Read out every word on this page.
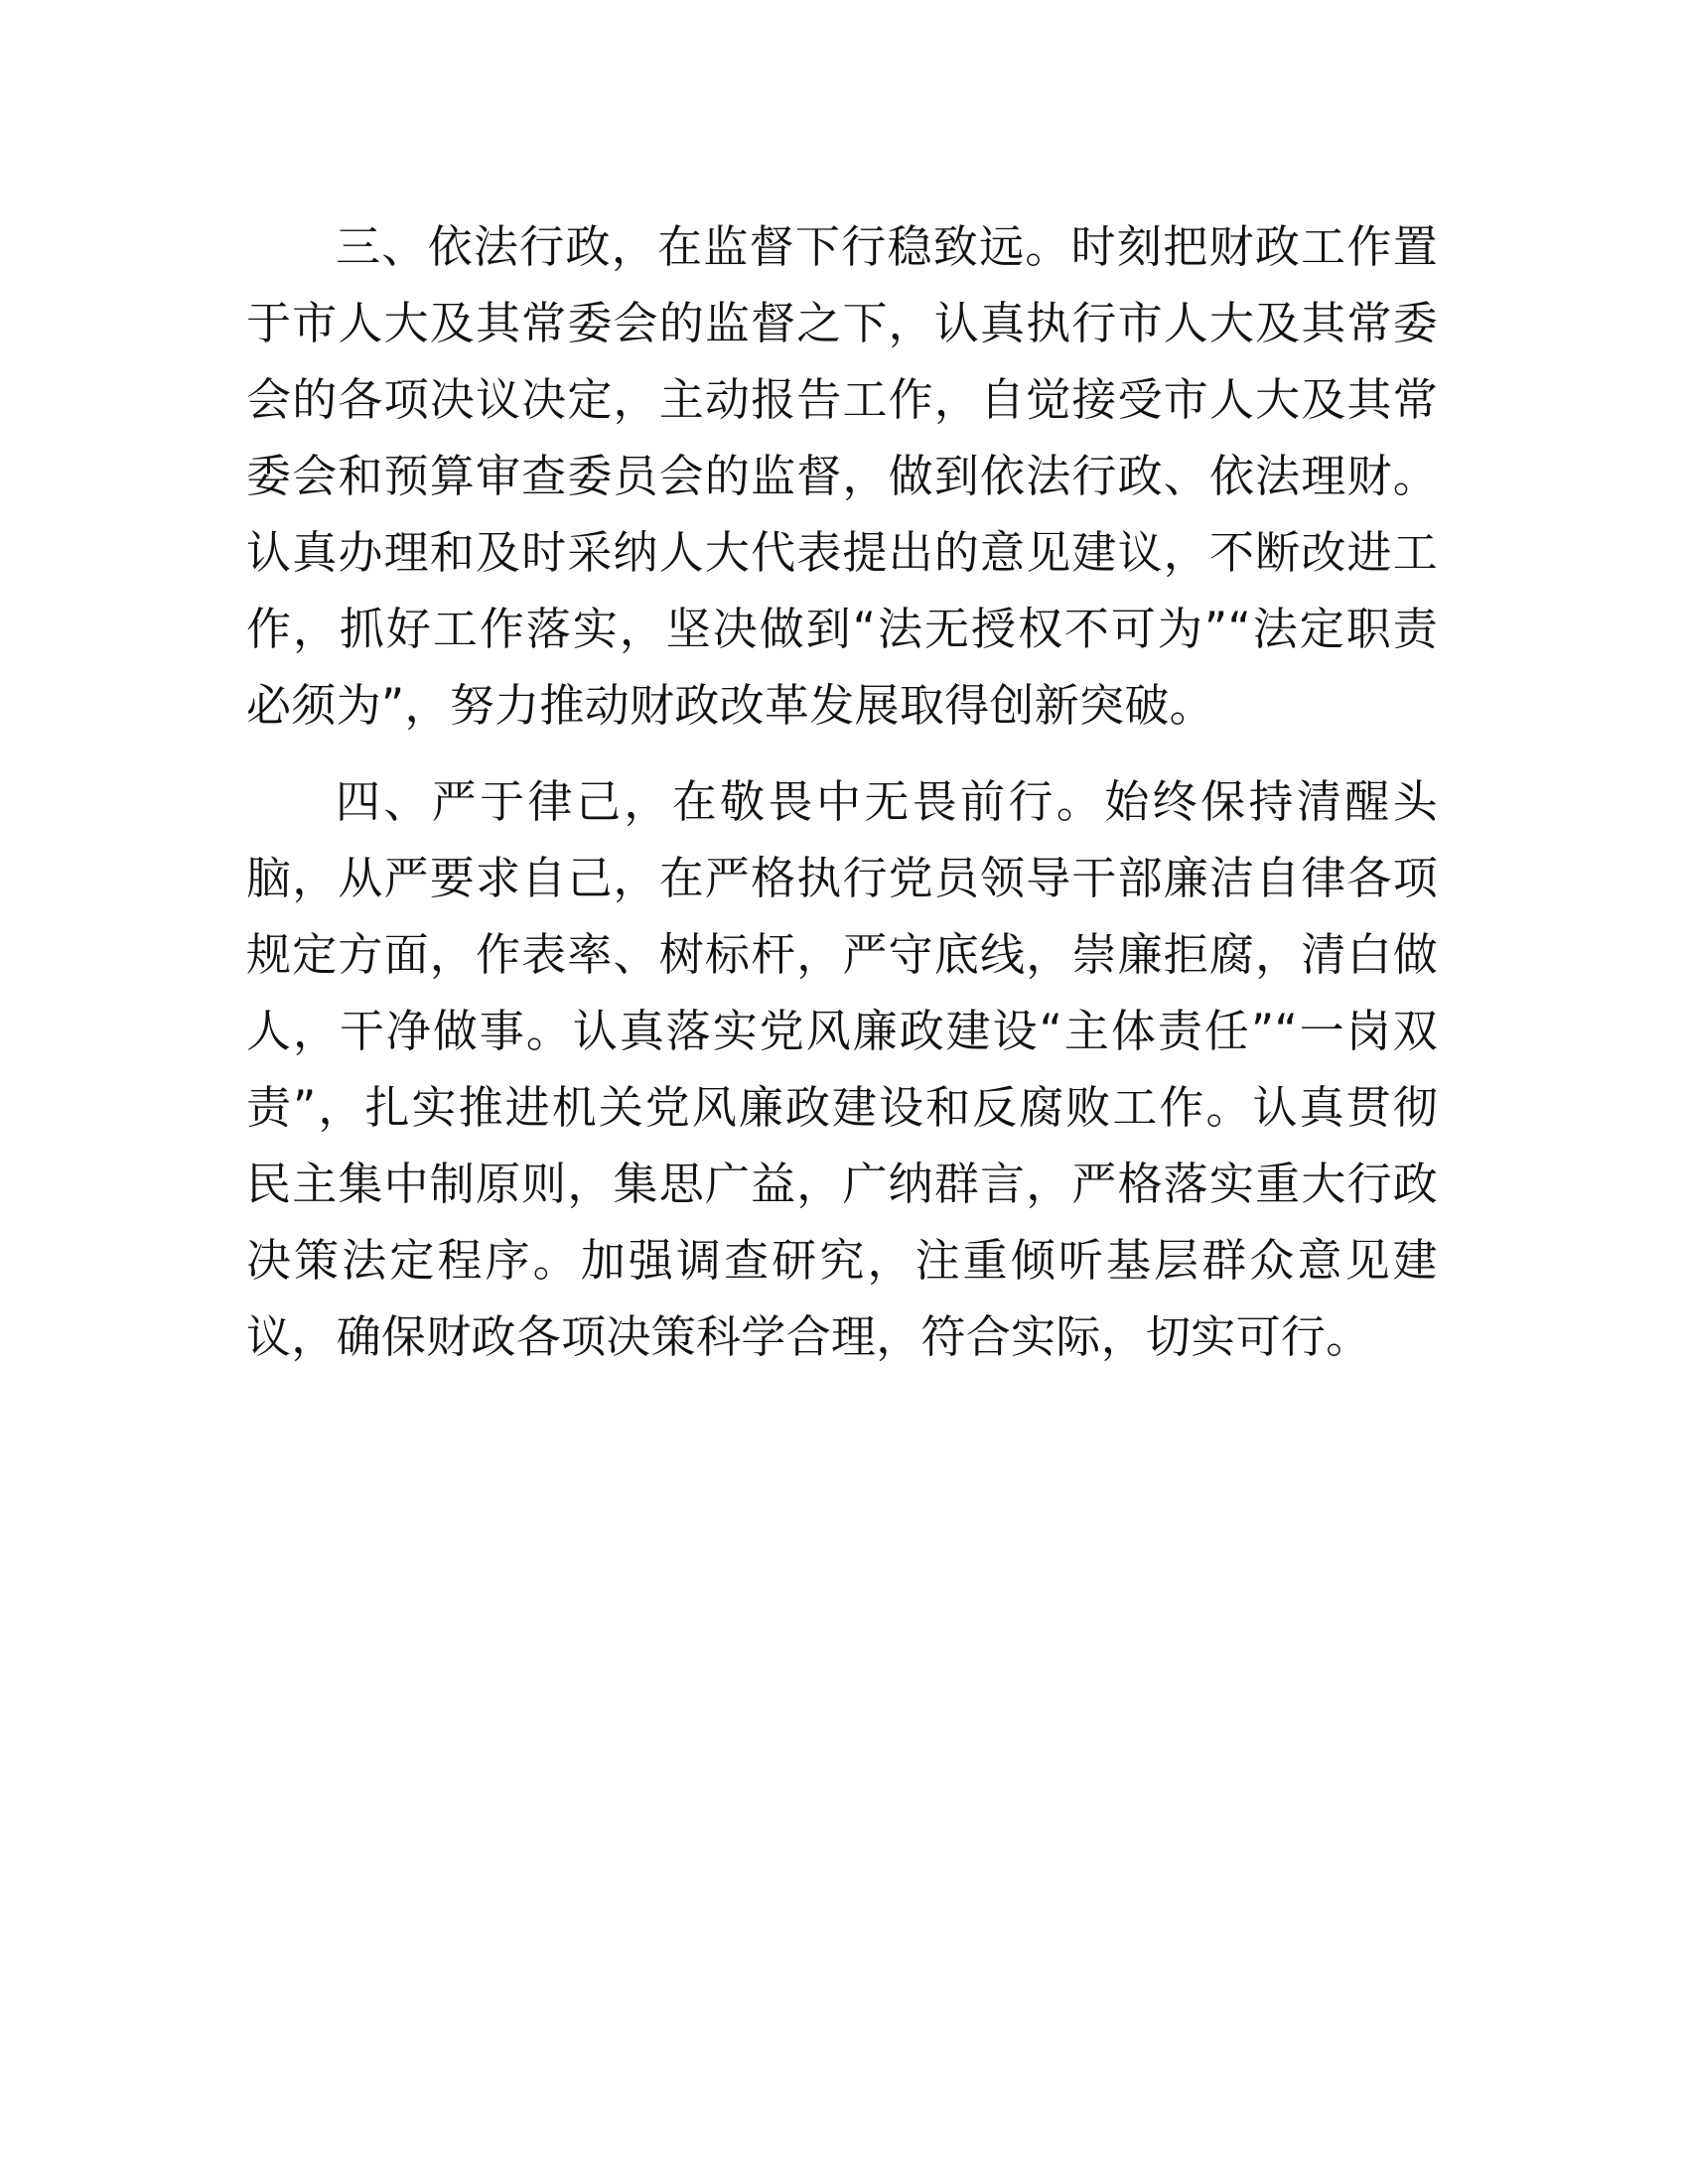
三、依法行政，在监督下行稳致远。时刻把财政工作置于市人大及其常委会的监督之下，认真执行市人大及其常委会的各项决议决定，主动报告工作，自觉接受市人大及其常委会和预算审查委员会的监督，做到依法行政、依法理财。认真办理和及时采纳人大代表提出的意见建议，不断改进工作，抓好工作落实，坚决做到“法无授权不可为”“法定职责必须为”，努力推动财政改革发展取得创新突破。

四、严于律己，在敬畏中无畏前行。始终保持清醒头脑，从严要求自己，在严格执行党员领导干部廉洁自律各项规定方面，作表率、树标杆，严守底线，崇廉拒腐，清白做人，干净做事。认真落实党风廉政建设“主体责任”“一岗双责”，扎实推进机关党风廉政建设和反腐败工作。认真贯彻民主集中制原则，集思广益，广纳群言，严格落实重大行政决策法定程序。加强调查研究，注重倾听基层群众意见建议，确保财政各项决策科学合理，符合实际，切实可行。
